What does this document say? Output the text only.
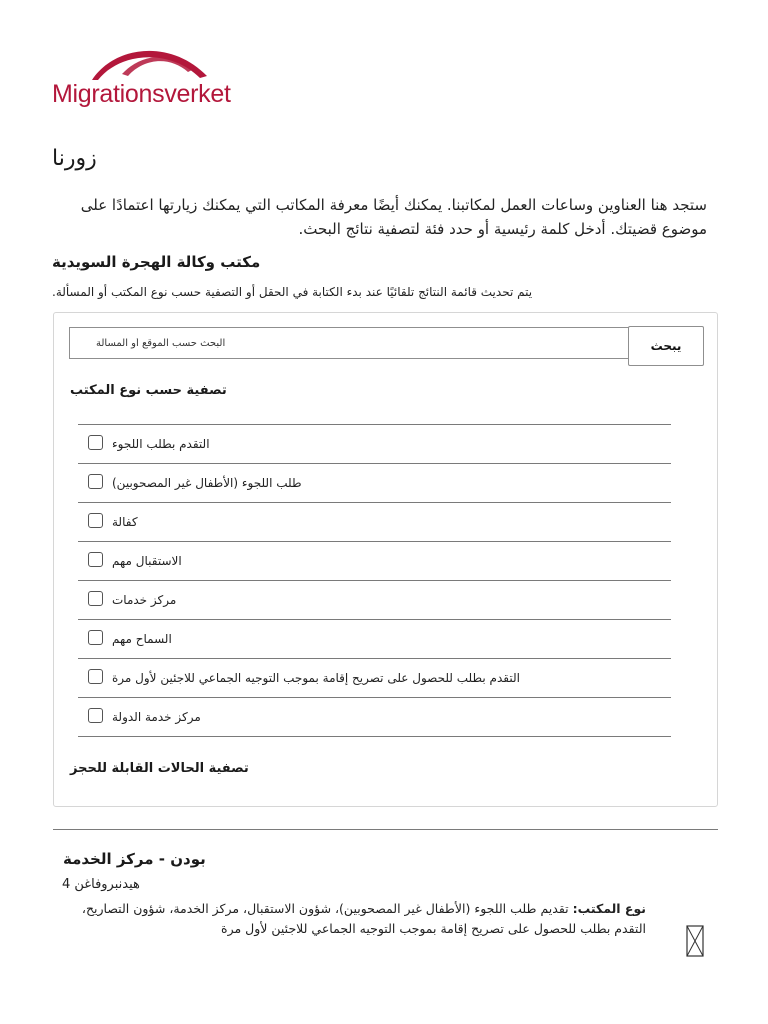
Migrationsverket
زورنا

ستجد هنا العناوين وساعات العمل لمكاتبنا. يمكنك أيضًا معرفة المكاتب التي يمكنك زيارتها اعتمادًا على موضوع قضيتك. أدخل كلمة رئيسية أو حدد فئة لتصفية نتائج البحث.

مكتب وكالة الهجرة السويدية

يتم تحديث قائمة النتائج تلقائيًا عند بدء الكتابة في الحقل أو التصفية حسب نوع المكتب أو المسألة.

البحث حسب الموقع أو المسألة
يبحث
تصفية حسب نوع المكتب
التقدم بطلب اللجوء
طلب اللجوء (الأطفال غير المصحوبين)
كفالة
الاستقبال مهم
مركز خدمات
السماح مهم
التقدم بطلب للحصول على تصريح إقامة بموجب التوجيه الجماعي للاجئين لأول مرة
مركز خدمة الدولة
تصفية الحالات القابلة للحجز
بودن - مركز الخدمة
هيدنبروفاغن 4
نوع المكتب: تقديم طلب اللجوء (الأطفال غير المصحوبين)، شؤون الاستقبال، مركز الخدمة، شؤون التصاريح، التقدم بطلب للحصول على تصريح إقامة بموجب التوجيه الجماعي للاجئين لأول مرة
